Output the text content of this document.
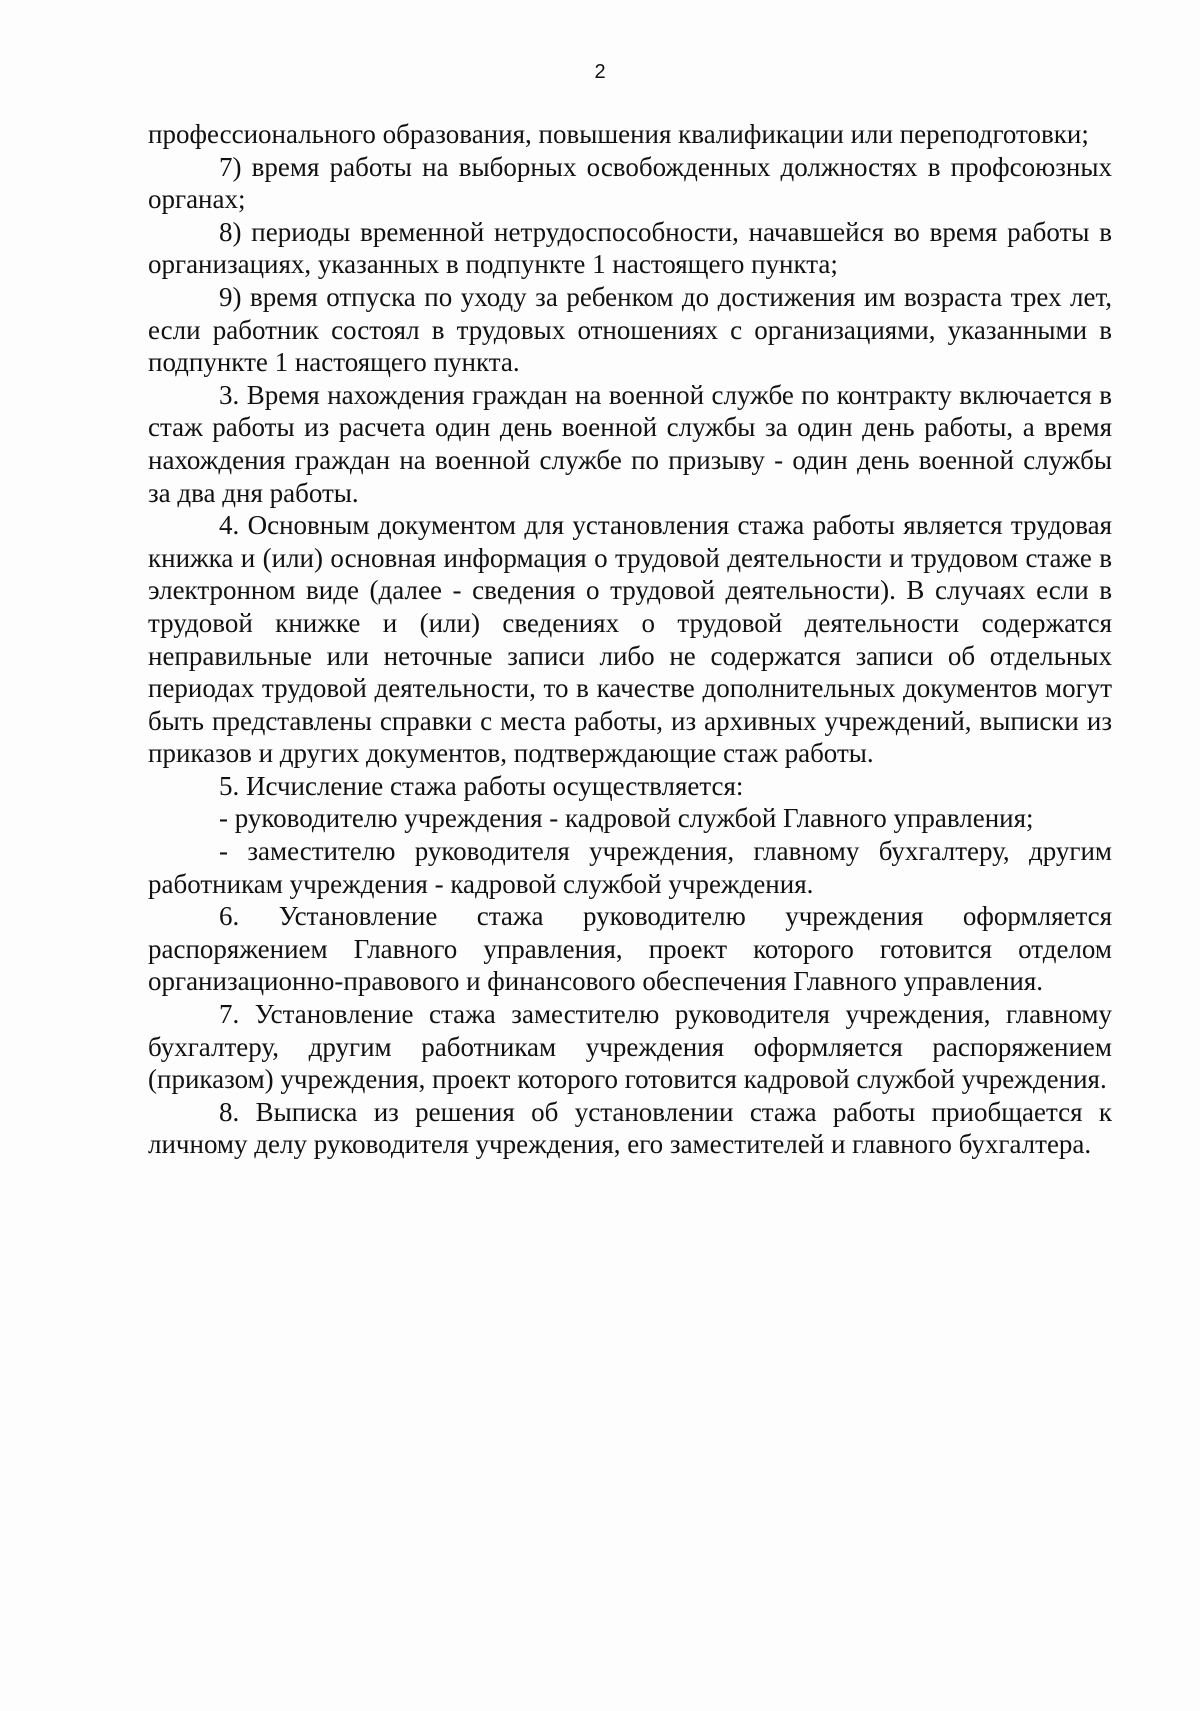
2

профессионального образования, повышения квалификации или переподготовки;

7) время работы на выборных освобожденных должностях в профсоюзных органах;

8) периоды временной нетрудоспособности, начавшейся во время работы в организациях, указанных в подпункте 1 настоящего пункта;

9) время отпуска по уходу за ребенком до достижения им возраста трех лет, если работник состоял в трудовых отношениях с организациями, указанными в подпункте 1 настоящего пункта.

3. Время нахождения граждан на военной службе по контракту включается в стаж работы из расчета один день военной службы за один день работы, а время нахождения граждан на военной службе по призыву - один день военной службы за два дня работы.

4. Основным документом для установления стажа работы является трудовая книжка и (или) основная информация о трудовой деятельности и трудовом стаже в электронном виде (далее - сведения о трудовой деятельности). В случаях если в трудовой книжке и (или) сведениях о трудовой деятельности содержатся неправильные или неточные записи либо не содержатся записи об отдельных периодах трудовой деятельности, то в качестве дополнительных документов могут быть представлены справки с места работы, из архивных учреждений, выписки из приказов и других документов, подтверждающие стаж работы.

5. Исчисление стажа работы осуществляется:

- руководителю учреждения - кадровой службой Главного управления;

- заместителю руководителя учреждения, главному бухгалтеру, другим работникам учреждения - кадровой службой учреждения.

6. Установление стажа руководителю учреждения оформляется распоряжением Главного управления, проект которого готовится отделом организационно-правового и финансового обеспечения Главного управления.

7. Установление стажа заместителю руководителя учреждения, главному бухгалтеру, другим работникам учреждения оформляется распоряжением (приказом) учреждения, проект которого готовится кадровой службой учреждения.

8. Выписка из решения об установлении стажа работы приобщается к личному делу руководителя учреждения, его заместителей и главного бухгалтера.
